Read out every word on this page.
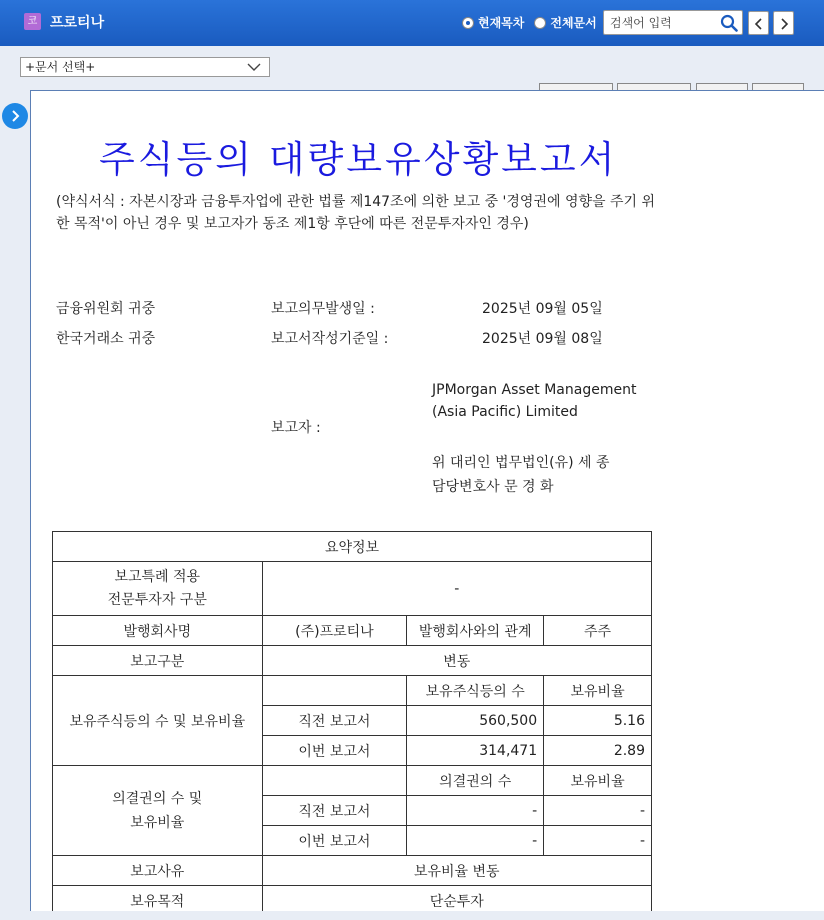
코 프로티나	현재목차 전체문서
검색어 입력
+문서 선택+
주식등의 대량보유상황보고서
(약식서식 : 자본시장과 금융투자업에 관한 법률 제147조에 의한 보고 중 '경영권에 영향을 주기 위한 목적'이 아닌 경우 및 보고자가 동조 제1항 후단에 따른 전문투자자인 경우)
금융위원회 귀중	보고의무발생일 :	2025년 09월 05일
한국거래소 귀중	보고서작성기준일 :	2025년 09월 08일
JPMorgan Asset Management
(Asia Pacific) Limited
보고자 :
위 대리인 법무법인(유) 세 종
담당변호사 문 경 화
요약정보			
보고특례 적용
전문투자자 구분	-		
발행회사명	(주)프로티나	발행회사와의 관계	주주
보고구분	변동		
보유주식등의 수 및 보유비율		보유주식등의 수	보유비율
	직전 보고서	560,500	5.16
	이번 보고서	314,471	2.89
의결권의 수 및
보유비율		의결권의 수	보유비율
	직전 보고서	-	-
	이번 보고서	-	-
보고사유	보유비율 변동		
보유목적	단순투자		
